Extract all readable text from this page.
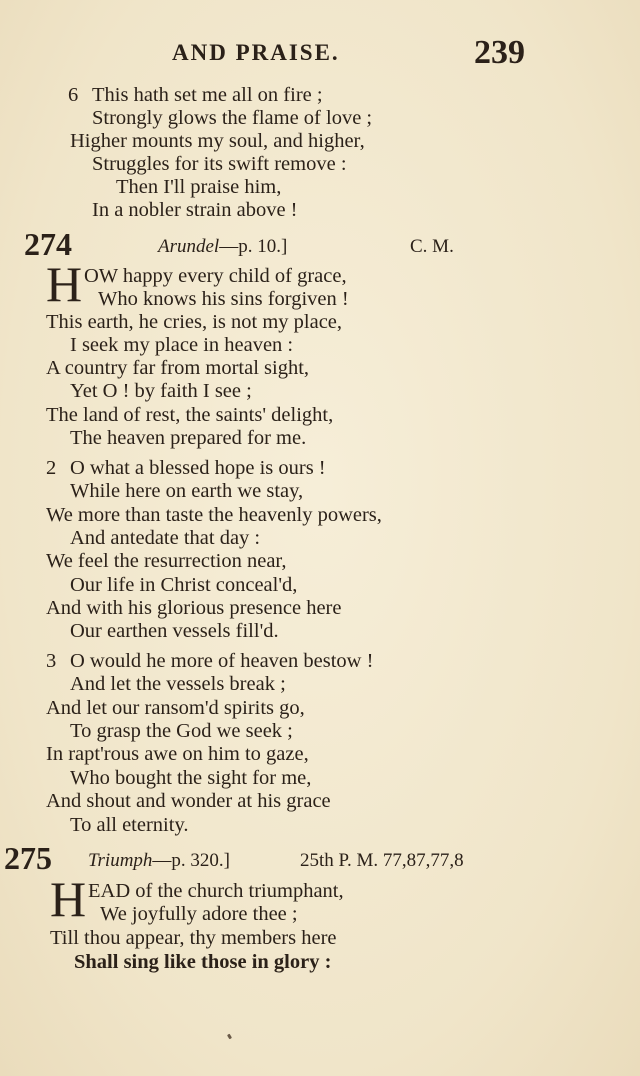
AND PRAISE.	239
6 This hath set me all on fire ;
Strongly glows the flame of love ;
Higher mounts my soul, and higher,
Struggles for its swift remove :
Then I'll praise him,
In a nobler strain above !
274	Arundel—p. 10.]	C. M.
H OW happy every child of grace,
Who knows his sins forgiven !
This earth, he cries, is not my place,
I seek my place in heaven :
A country far from mortal sight,
Yet O ! by faith I see ;
The land of rest, the saints' delight,
The heaven prepared for me.
2 O what a blessed hope is ours !
While here on earth we stay,
We more than taste the heavenly powers,
And antedate that day :
We feel the resurrection near,
Our life in Christ conceal'd,
And with his glorious presence here
Our earthen vessels fill'd.
3 O would he more of heaven bestow !
And let the vessels break ;
And let our ransom'd spirits go,
To grasp the God we seek ;
In rapt'rous awe on him to gaze,
Who bought the sight for me,
And shout and wonder at his grace
To all eternity.
275 Triumph—p. 320.]	25th P. M. 77,87,77,8
H EAD of the church triumphant,
We joyfully adore thee ;
Till thou appear, thy members here
Shall sing like those in glory :
